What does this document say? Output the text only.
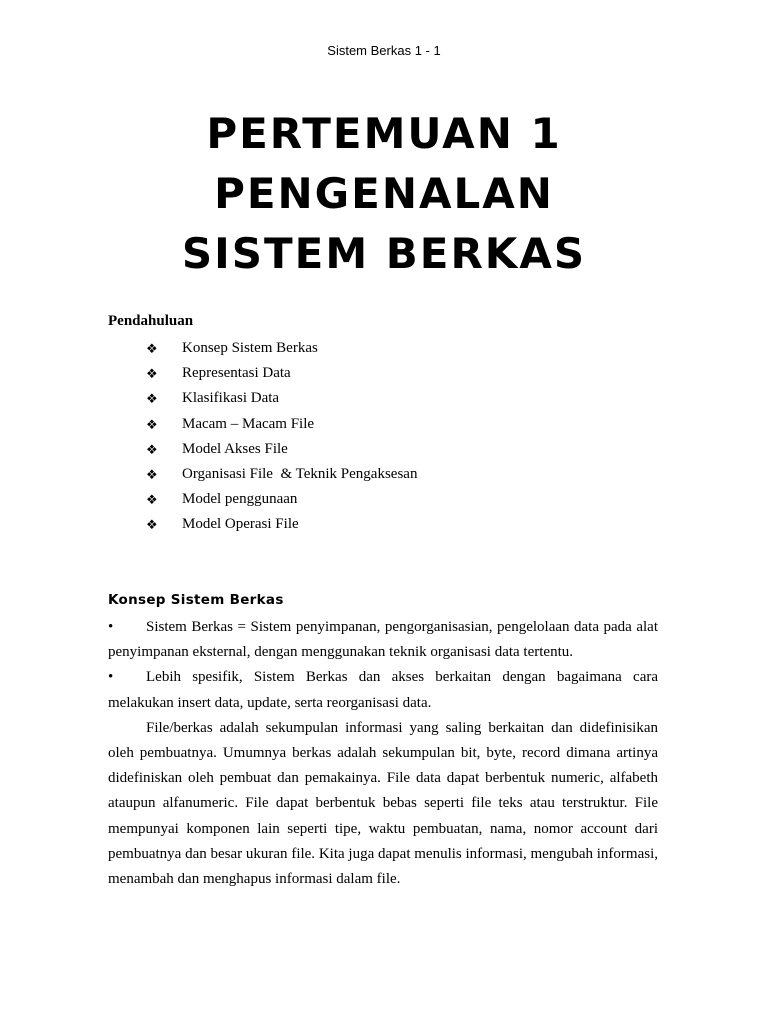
Sistem Berkas 1 - 1
PERTEMUAN 1
PENGENALAN
SISTEM BERKAS
Pendahuluan
❖	Konsep Sistem Berkas
❖	Representasi Data
❖	Klasifikasi Data
❖	Macam – Macam File
❖	Model Akses File
❖	Organisasi File  & Teknik Pengaksesan
❖	Model penggunaan
❖	Model Operasi File
Konsep Sistem Berkas

• Sistem Berkas = Sistem penyimpanan, pengorganisasian, pengelolaan data pada alat penyimpanan eksternal, dengan menggunakan teknik organisasi data tertentu.

• Lebih spesifik, Sistem Berkas dan akses berkaitan dengan bagaimana cara melakukan insert data, update, serta reorganisasi data.

File/berkas adalah sekumpulan informasi yang saling berkaitan dan didefinisikan oleh pembuatnya. Umumnya berkas adalah sekumpulan bit, byte, record dimana artinya didefiniskan oleh pembuat dan pemakainya. File data dapat berbentuk numeric, alfabeth ataupun alfanumeric. File dapat berbentuk bebas seperti file teks atau terstruktur. File mempunyai komponen lain seperti tipe, waktu pembuatan, nama, nomor account dari pembuatnya dan besar ukuran file. Kita juga dapat menulis informasi, mengubah informasi, menambah dan menghapus informasi dalam file.
